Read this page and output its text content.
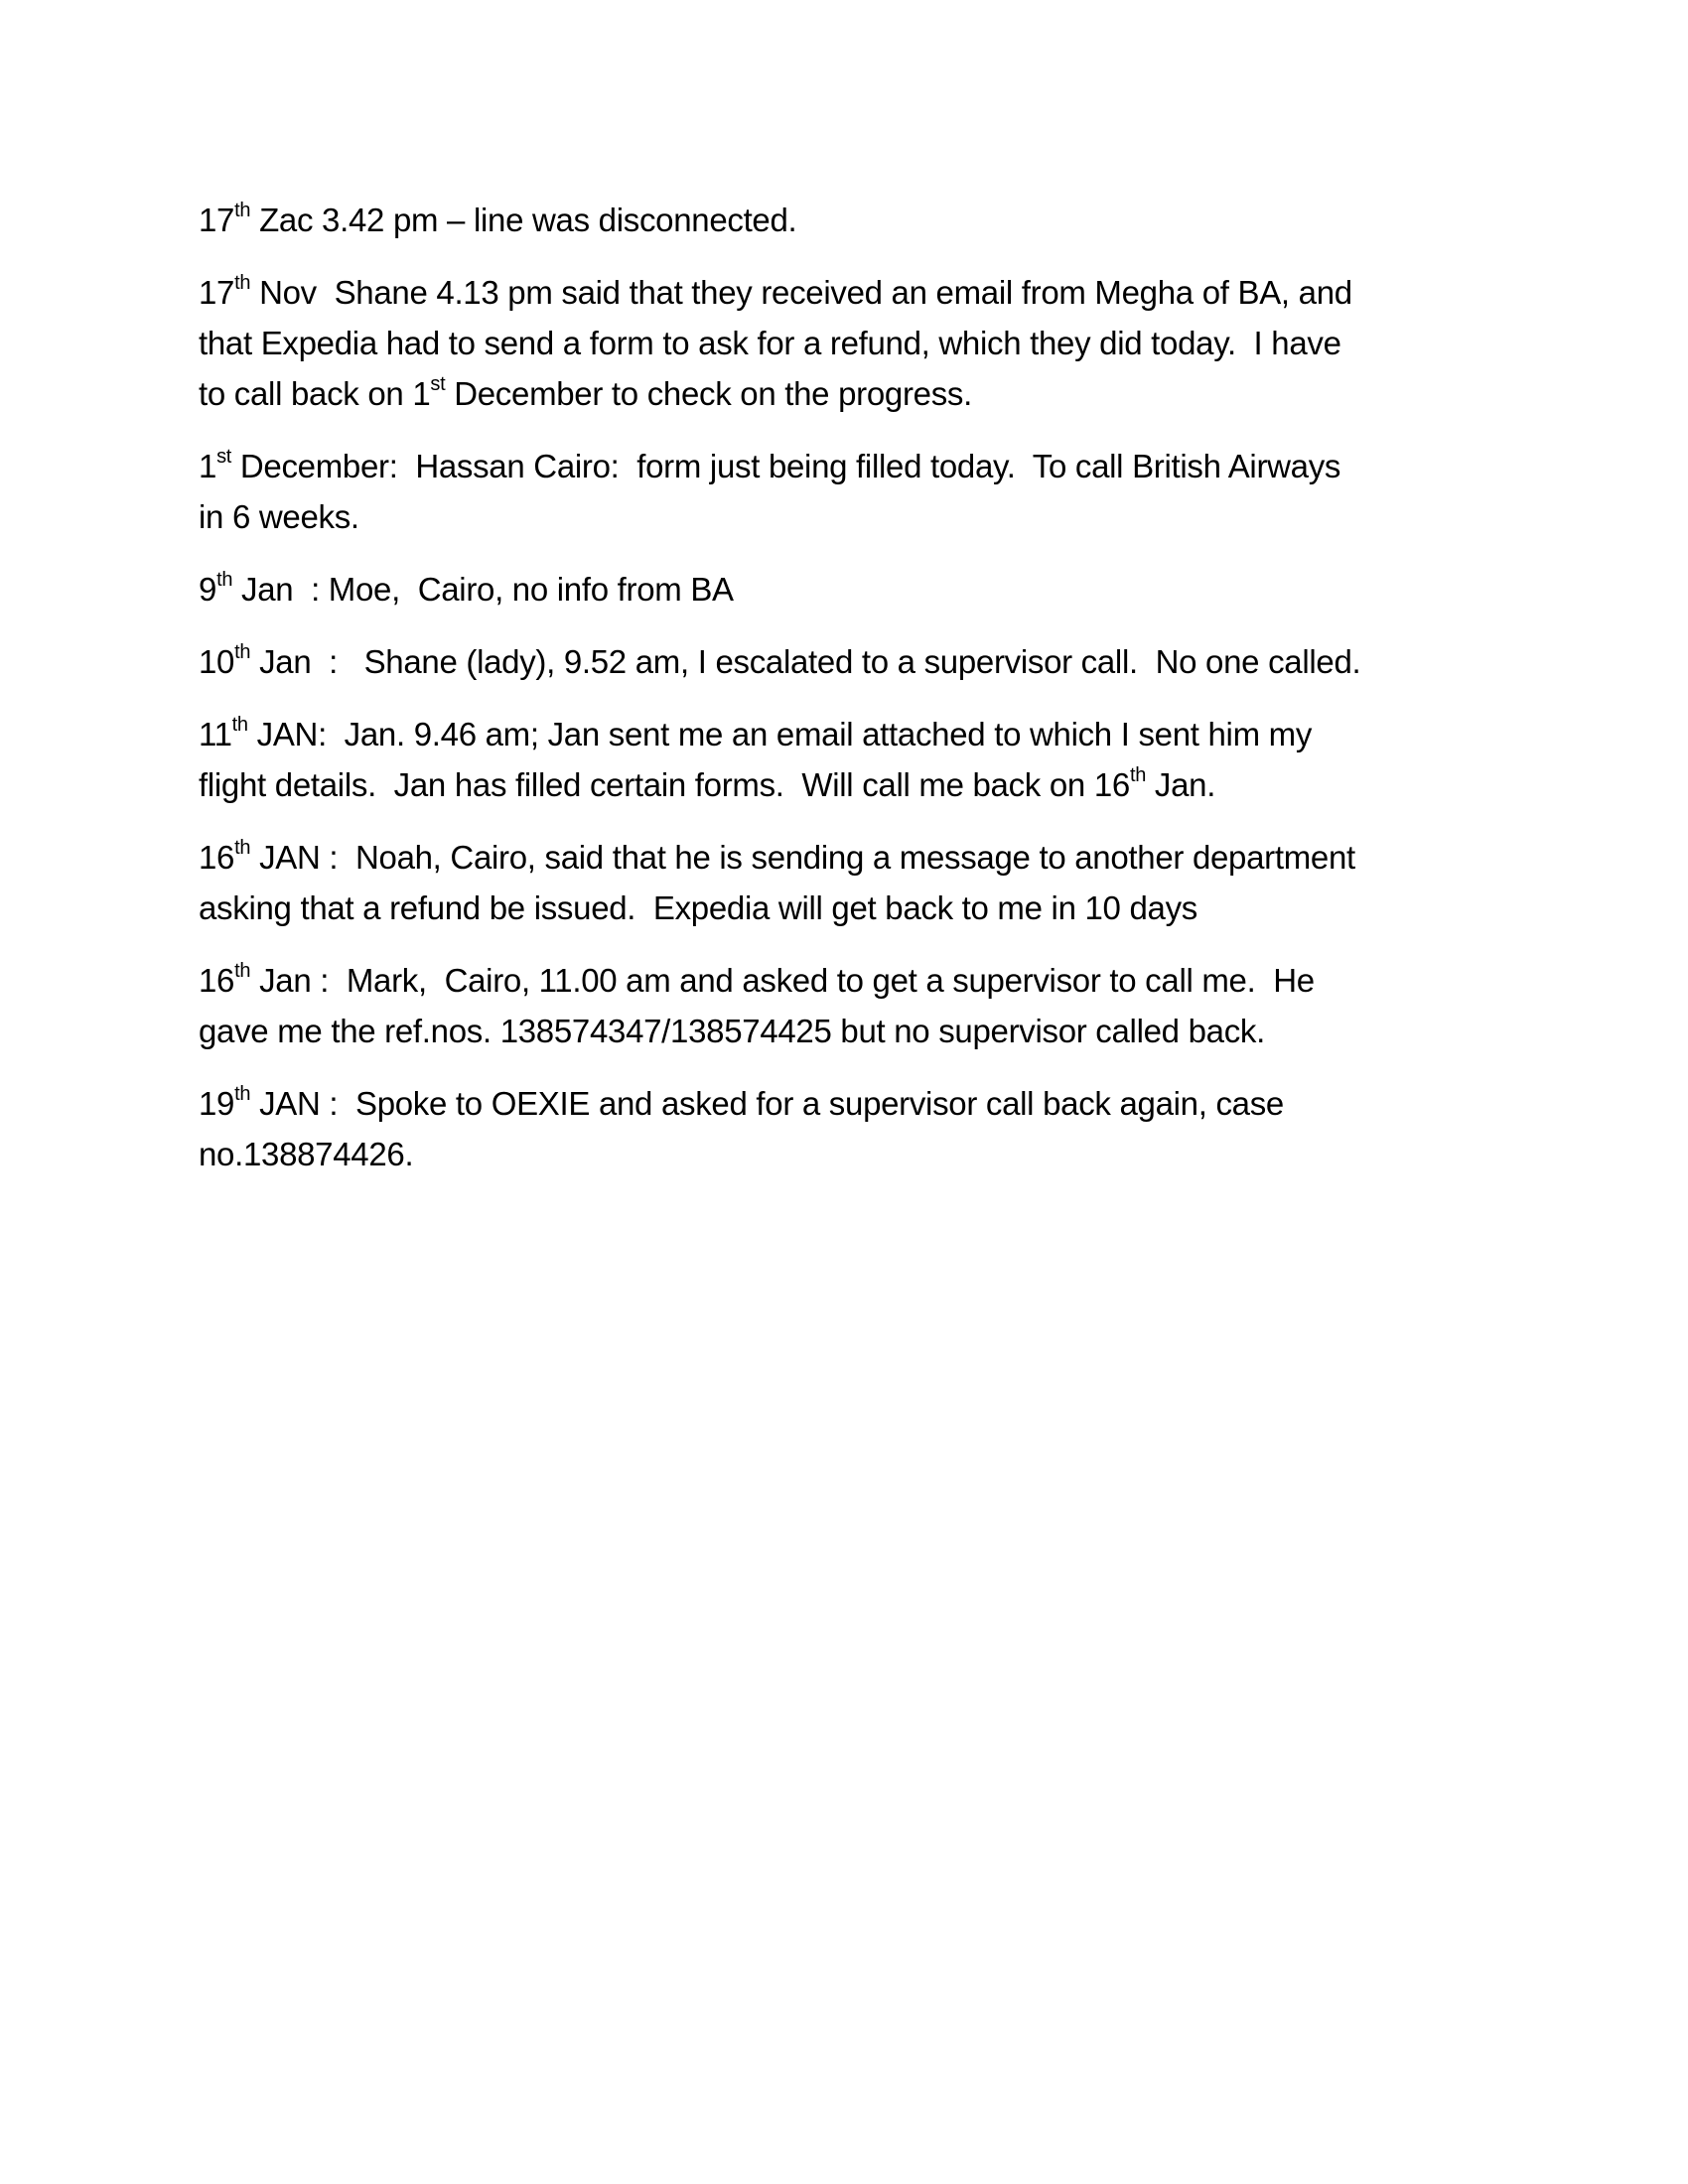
17th Zac 3.42 pm – line was disconnected.

17th Nov  Shane 4.13 pm said that they received an email from Megha of BA, and
that Expedia had to send a form to ask for a refund, which they did today.  I have
to call back on 1st December to check on the progress.

1st December:  Hassan Cairo:  form just being filled today.  To call British Airways
in 6 weeks.

9th Jan  : Moe,  Cairo, no info from BA

10th Jan  :   Shane (lady), 9.52 am, I escalated to a supervisor call.  No one called.

11th JAN:  Jan. 9.46 am; Jan sent me an email attached to which I sent him my
flight details.  Jan has filled certain forms.  Will call me back on 16th Jan.

16th JAN :  Noah, Cairo, said that he is sending a message to another department
asking that a refund be issued.  Expedia will get back to me in 10 days

16th Jan :  Mark,  Cairo, 11.00 am and asked to get a supervisor to call me.  He
gave me the ref.nos. 138574347/138574425 but no supervisor called back.

19th JAN :  Spoke to OEXIE and asked for a supervisor call back again, case
no.138874426.
